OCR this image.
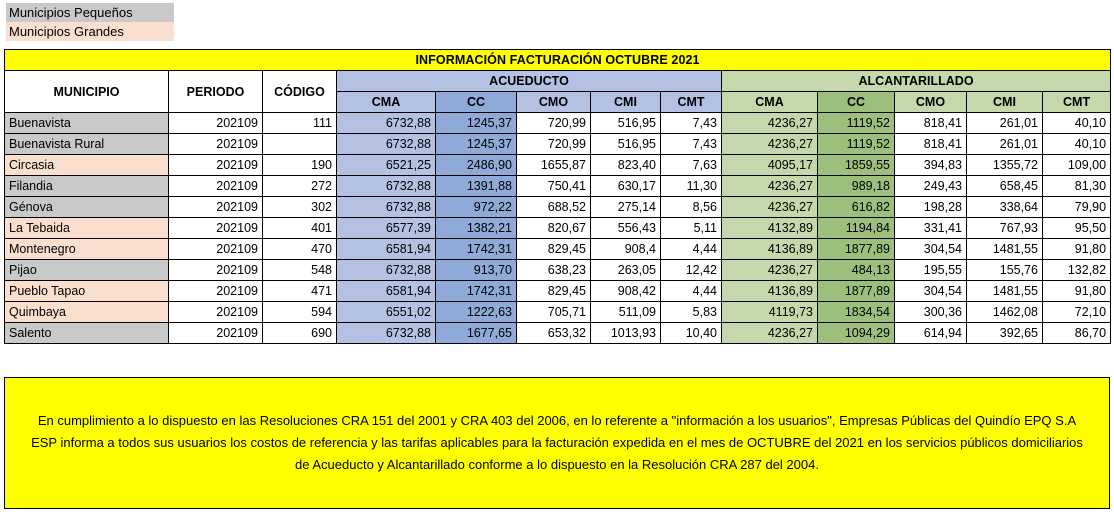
Municipios Pequeños
Municipios Grandes
INFORMACIÓN FACTURACIÓN OCTUBRE 2021												
MUNICIPIO	PERIODO	CÓDIGO	ACUEDUCTO					ALCANTARILLADO				
			CMA	CC	CMO	CMI	CMT	CMA	CC	CMO	CMI	CMT
Buenavista	202109	111	6732,88	1245,37	720,99	516,95	7,43	4236,27	1119,52	818,41	261,01	40,10
Buenavista Rural	202109		6732,88	1245,37	720,99	516,95	7,43	4236,27	1119,52	818,41	261,01	40,10
Circasia	202109	190	6521,25	2486,90	1655,87	823,40	7,63	4095,17	1859,55	394,83	1355,72	109,00
Filandia	202109	272	6732,88	1391,88	750,41	630,17	11,30	4236,27	989,18	249,43	658,45	81,30
Génova	202109	302	6732,88	972,22	688,52	275,14	8,56	4236,27	616,82	198,28	338,64	79,90
La Tebaida	202109	401	6577,39	1382,21	820,67	556,43	5,11	4132,89	1194,84	331,41	767,93	95,50
Montenegro	202109	470	6581,94	1742,31	829,45	908,4	4,44	4136,89	1877,89	304,54	1481,55	91,80
Pijao	202109	548	6732,88	913,70	638,23	263,05	12,42	4236,27	484,13	195,55	155,76	132,82
Pueblo Tapao	202109	471	6581,94	1742,31	829,45	908,42	4,44	4136,89	1877,89	304,54	1481,55	91,80
Quimbaya	202109	594	6551,02	1222,63	705,71	511,09	5,83	4119,73	1834,54	300,36	1462,08	72,10
Salento	202109	690	6732,88	1677,65	653,32	1013,93	10,40	4236,27	1094,29	614,94	392,65	86,70
En cumplimiento a lo dispuesto en las Resoluciones CRA 151 del 2001 y CRA 403 del 2006, en lo referente a "información a los usuarios", Empresas Públicas del Quindío EPQ S.A ESP informa a todos sus usuarios los costos de referencia y las tarifas aplicables para la facturación expedida en el mes de OCTUBRE del 2021 en los servicios públicos domiciliarios de Acueducto y Alcantarillado conforme a lo dispuesto en la Resolución CRA 287 del 2004.
